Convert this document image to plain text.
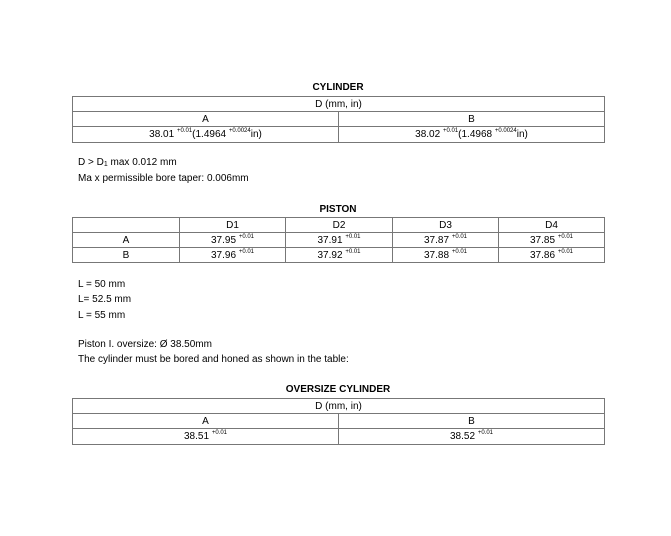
CYLINDER
D (mm, in)	
A	B
38.01 $^{+0.01}$(1.4964 $^{+0.0024}$in)	38.02 $^{+0.01}$(1.4968 $^{+0.0024}$in)
$D > D_1$ max 0.012 mm
Ma x permissible bore taper: 0.006mm
PISTON
	D1	D2	D3	D4
A	37.95 $^{+0.01}$	37.91 $^{+0.01}$	37.87 $^{+0.01}$	37.85 $^{+0.01}$
B	37.96 $^{+0.01}$	37.92 $^{+0.01}$	37.88 $^{+0.01}$	37.86 $^{+0.01}$
L = 50 mm
L= 52.5 mm
L = 55 mm
Piston I. oversize: Ø 38.50mm
The cylinder must be bored and honed as shown in the table:
OVERSIZE CYLINDER
D (mm, in)	
A	B
38.51 $^{+0.01}$	38.52 $^{+0.01}$
